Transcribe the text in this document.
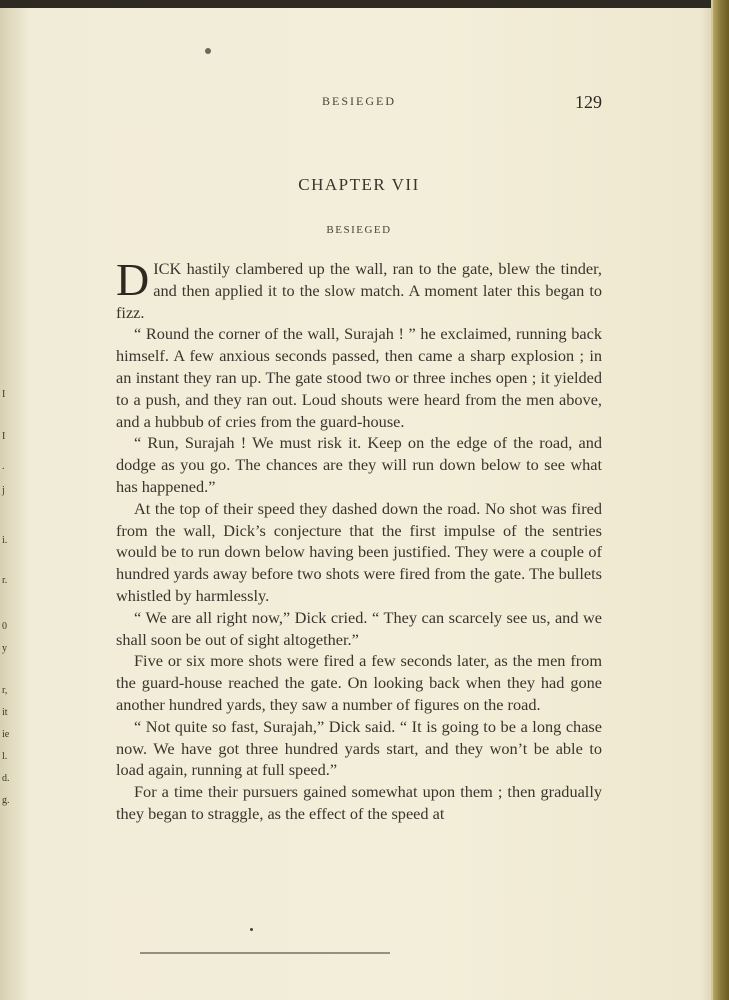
I
I
.
j
i.
r.
0
y
r,
it
ie
l.
d.
g.
BESIEGED	129
CHAPTER VII
BESIEGED

DICK hastily clambered up the wall, ran to the gate, blew the tinder, and then applied it to the slow match. A moment later this began to fizz.

“ Round the corner of the wall, Surajah ! ” he exclaimed, running back himself. A few anxious seconds passed, then came a sharp explosion ; in an instant they ran up. The gate stood two or three inches open ; it yielded to a push, and they ran out. Loud shouts were heard from the men above, and a hubbub of cries from the guard-house.

“ Run, Surajah ! We must risk it. Keep on the edge of the road, and dodge as you go. The chances are they will run down below to see what has happened.”

At the top of their speed they dashed down the road. No shot was fired from the wall, Dick’s conjecture that the first impulse of the sentries would be to run down below having been justified. They were a couple of hundred yards away before two shots were fired from the gate. The bullets whistled by harmlessly.

“ We are all right now,” Dick cried. “ They can scarcely see us, and we shall soon be out of sight altogether.”

Five or six more shots were fired a few seconds later, as the men from the guard-house reached the gate. On looking back when they had gone another hundred yards, they saw a number of figures on the road.

“ Not quite so fast, Surajah,” Dick said. “ It is going to be a long chase now. We have got three hundred yards start, and they won’t be able to load again, running at full speed.”

For a time their pursuers gained somewhat upon them ; then gradually they began to straggle, as the effect of the speed at
